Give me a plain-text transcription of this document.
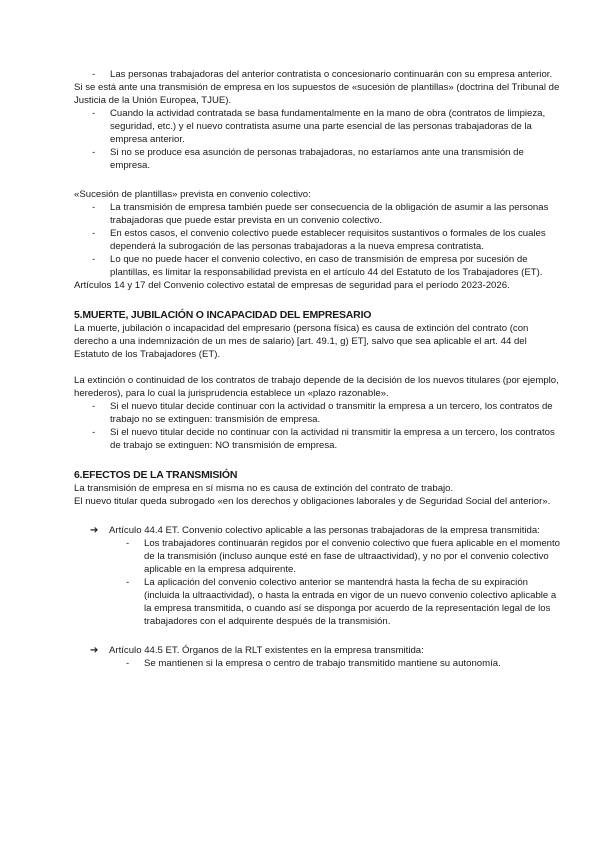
- Las personas trabajadoras del anterior contratista o concesionario continuarán con su empresa anterior.

Si se está ante una transmisión de empresa en los supuestos de «sucesión de plantillas» (doctrina del Tribunal de Justicia de la Unión Europea, TJUE).

- Cuando la actividad contratada se basa fundamentalmente en la mano de obra (contratos de limpieza, seguridad, etc.) y el nuevo contratista asume una parte esencial de las personas trabajadoras de la empresa anterior.
- Si no se produce esa asunción de personas trabajadoras, no estaríamos ante una transmisión de empresa.

«Sucesión de plantillas» prevista en convenio colectivo:

- La transmisión de empresa también puede ser consecuencia de la obligación de asumir a las personas trabajadoras que puede estar prevista en un convenio colectivo.
- En estos casos, el convenio colectivo puede establecer requisitos sustantivos o formales de los cuales dependerá la subrogación de las personas trabajadoras a la nueva empresa contratista.
- Lo que no puede hacer el convenio colectivo, en caso de transmisión de empresa por sucesión de plantillas, es limitar la responsabilidad prevista en el artículo 44 del Estatuto de los Trabajadores (ET).

Artículos 14 y 17 del Convenio colectivo estatal de empresas de seguridad para el período 2023-2026.

5.MUERTE, JUBILACIÓN O INCAPACIDAD DEL EMPRESARIO

La muerte, jubilación o incapacidad del empresario (persona física) es causa de extinción del contrato (con derecho a una indemnización de un mes de salario) [art. 49.1, g) ET], salvo que sea aplicable el art. 44 del Estatuto de los Trabajadores (ET).

La extinción o continuidad de los contratos de trabajo depende de la decisión de los nuevos titulares (por ejemplo, herederos), para lo cual la jurisprudencia establece un «plazo razonable».

- Si el nuevo titular decide continuar con la actividad o transmitir la empresa a un tercero, los contratos de trabajo no se extinguen: transmisión de empresa.
- Si el nuevo titular decide no continuar con la actividad ni transmitir la empresa a un tercero, los contratos de trabajo se extinguen: NO transmisión de empresa.
6.EFECTOS DE LA TRANSMISIÓN

La transmisión de empresa en sí misma no es causa de extinción del contrato de trabajo.

El nuevo titular queda subrogado «en los derechos y obligaciones laborales y de Seguridad Social del anterior».

➔ Artículo 44.4 ET. Convenio colectivo aplicable a las personas trabajadoras de la empresa transmitida:

- Los trabajadores continuarán regidos por el convenio colectivo que fuera aplicable en el momento de la transmisión (incluso aunque esté en fase de ultraactividad), y no por el convenio colectivo aplicable en la empresa adquirente.
- La aplicación del convenio colectivo anterior se mantendrá hasta la fecha de su expiración (incluida la ultraactividad), o hasta la entrada en vigor de un nuevo convenio colectivo aplicable a la empresa transmitida, o cuando así se disponga por acuerdo de la representación legal de los trabajadores con el adquirente después de la transmisión.
➔ Artículo 44.5 ET. Órganos de la RLT existentes en la empresa transmitida:

- Se mantienen si la empresa o centro de trabajo transmitido mantiene su autonomía.
